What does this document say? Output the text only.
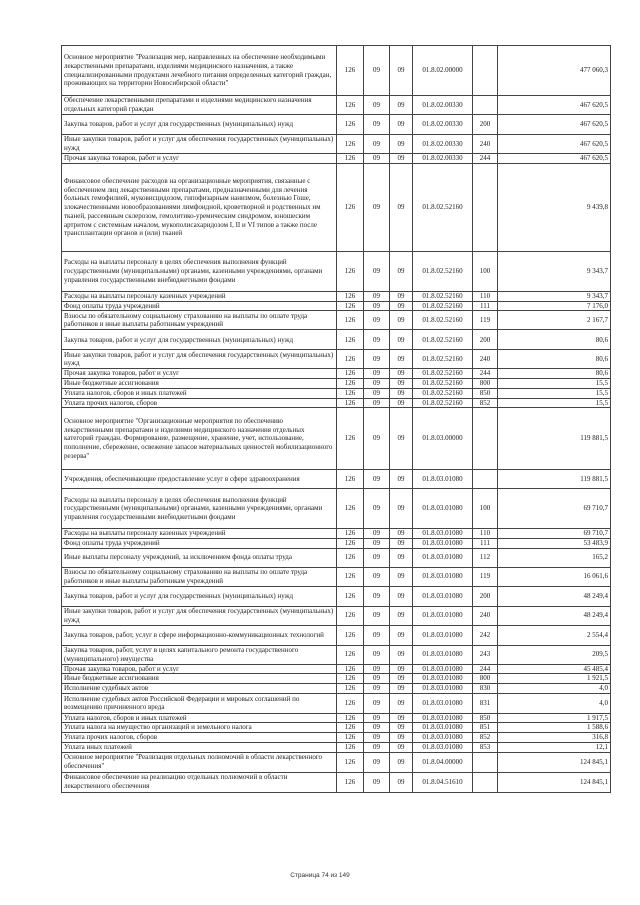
Основное мероприятие "Реализация мер, направленных на обеспечение необходимыми лекарственными препаратами, изделиями медицинского назначения, а также специализированными продуктами лечебного питания определенных категорий граждан, проживающих на территории Новосибирской области"	126	09	09	01.8.02.00000		477 060,3
Обеспечение лекарственными препаратами и изделиями медицинского назначения отдельных категорий граждан	126	09	09	01.8.02.00330		467 620,5
Закупка товаров, работ и услуг для государственных (муниципальных) нужд	126	09	09	01.8.02.00330	200	467 620,5
Иные закупки товаров, работ и услуг для обеспечения государственных (муниципальных) нужд	126	09	09	01.8.02.00330	240	467 620,5
Прочая закупка товаров, работ и услуг	126	09	09	01.8.02.00330	244	467 620,5
Финансовое обеспечение расходов на организационные мероприятия, связанные с обеспечением лиц лекарственными препаратами, предназначенными для лечения больных гемофилией, муковисцидозом, гипофизарным нанизмом, болезнью Гоше, злокачественными новообразованиями лимфоидной, кроветворной и родственных им тканей, рассеянным склерозом, гемолитико-уремическим синдромом, юношеским артритом с системным началом, мукополисахаридозом I, II и VI типов а также после трансплантации органов и (или) тканей	126	09	09	01.8.02.52160		9 439,8
Расходы на выплаты персоналу в целях обеспечения выполнения функций государственными (муниципальными) органами, казенными учреждениями, органами управления государственными внебюджетными фондами	126	09	09	01.8.02.52160	100	9 343,7
Расходы на выплаты персоналу казенных учреждений	126	09	09	01.8.02.52160	110	9 343,7
Фонд оплаты труда учреждений	126	09	09	01.8.02.52160	111	7 176,0
Взносы по обязательному социальному страхованию на выплаты по оплате труда работников и иные выплаты работникам учреждений	126	09	09	01.8.02.52160	119	2 167,7
Закупка товаров, работ и услуг для государственных (муниципальных) нужд	126	09	09	01.8.02.52160	200	80,6
Иные закупки товаров, работ и услуг для обеспечения государственных (муниципальных) нужд	126	09	09	01.8.02.52160	240	80,6
Прочая закупка товаров, работ и услуг	126	09	09	01.8.02.52160	244	80,6
Иные бюджетные ассигнования	126	09	09	01.8.02.52160	800	15,5
Уплата налогов, сборов и иных платежей	126	09	09	01.8.02.52160	850	15,5
Уплата прочих налогов, сборов	126	09	09	01.8.02.52160	852	15,5
Основное мероприятие "Организационные мероприятия по обеспечению лекарственными препаратами и изделиями медицинского назначения отдельных категорий граждан. Формирование, размещение, хранение, учет, использование, пополнение, сбережение, освежение запасов материальных ценностей мобилизационного резерва"	126	09	09	01.8.03.00000		119 881,5
Учреждения, обеспечивающие предоставление услуг в сфере здравоохранения	126	09	09	01.8.03.01080		119 881,5
Расходы на выплаты персоналу в целях обеспечения выполнения функций государственными (муниципальными) органами, казенными учреждениями, органами управления государственными внебюджетными фондами	126	09	09	01.8.03.01080	100	69 710,7
Расходы на выплаты персоналу казенных учреждений	126	09	09	01.8.03.01080	110	69 710,7
Фонд оплаты труда учреждений	126	09	09	01.8.03.01080	111	53 483,9
Иные выплаты персоналу учреждений, за исключением фонда оплаты труда	126	09	09	01.8.03.01080	112	165,2
Взносы по обязательному социальному страхованию на выплаты по оплате труда работников и иные выплаты работникам учреждений	126	09	09	01.8.03.01080	119	16 061,6
Закупка товаров, работ и услуг для государственных (муниципальных) нужд	126	09	09	01.8.03.01080	200	48 249,4
Иные закупки товаров, работ и услуг для обеспечения государственных (муниципальных) нужд	126	09	09	01.8.03.01080	240	48 249,4
Закупка товаров, работ, услуг в сфере информационно-коммуникационных технологий	126	09	09	01.8.03.01080	242	2 554,4
Закупка товаров, работ, услуг в целях капитального ремонта государственного (муниципального) имущества	126	09	09	01.8.03.01080	243	209,5
Прочая закупка товаров, работ и услуг	126	09	09	01.8.03.01080	244	45 485,4
Иные бюджетные ассигнования	126	09	09	01.8.03.01080	800	1 921,5
Исполнение судебных актов	126	09	09	01.8.03.01080	830	4,0
Исполнение судебных актов Российской Федерации и мировых соглашений по возмещению причиненного вреда	126	09	09	01.8.03.01080	831	4,0
Уплата налогов, сборов и иных платежей	126	09	09	01.8.03.01080	850	1 917,5
Уплата налога на имущество организаций и земельного налога	126	09	09	01.8.03.01080	851	1 588,6
Уплата прочих налогов, сборов	126	09	09	01.8.03.01080	852	316,8
Уплата иных платежей	126	09	09	01.8.03.01080	853	12,1
Основное мероприятие "Реализация отдельных полномочий в области лекарственного обеспечения"	126	09	09	01.8.04.00000		124 845,1
Финансовое обеспечение на реализацию отдельных полномочий в области лекарственного обеспечения	126	09	09	01.8.04.51610		124 845,1
Страница 74 из 149
